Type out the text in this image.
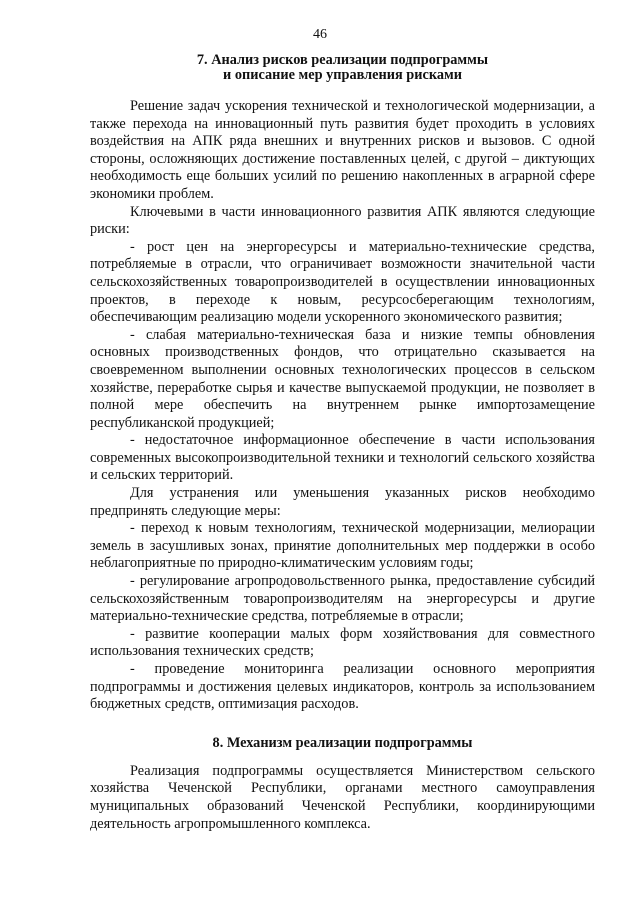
46
7. Анализ рисков реализации подпрограммы
и описание мер управления рисками

Решение задач ускорения технической и технологической модернизации, а также перехода на инновационный путь развития будет проходить в условиях воздействия на АПК ряда внешних и внутренних рисков и вызовов. С одной стороны, осложняющих достижение поставленных целей, с другой – диктующих необходимость еще больших усилий по решению накопленных в аграрной сфере экономики проблем.

Ключевыми в части инновационного развития АПК являются следующие риски:

- рост цен на энергоресурсы и материально-технические средства, потребляемые в отрасли, что ограничивает возможности значительной части сельскохозяйственных товаропроизводителей в осуществлении инновационных проектов, в переходе к новым, ресурсосберегающим технологиям, обеспечивающим реализацию модели ускоренного экономического развития;

- слабая материально-техническая база и низкие темпы обновления основных производственных фондов, что отрицательно сказывается на своевременном выполнении основных технологических процессов в сельском хозяйстве, переработке сырья и качестве выпускаемой продукции, не позволяет в полной мере обеспечить на внутреннем рынке импортозамещение республиканской продукцией;

- недостаточное информационное обеспечение в части использования современных высокопроизводительной техники и технологий сельского хозяйства и сельских территорий.

Для устранения или уменьшения указанных рисков необходимо предпринять следующие меры:

- переход к новым технологиям, технической модернизации, мелиорации земель в засушливых зонах, принятие дополнительных мер поддержки в особо неблагоприятные по природно-климатическим условиям годы;

- регулирование агропродовольственного рынка, предоставление субсидий сельскохозяйственным товаропроизводителям на энергоресурсы и другие материально-технические средства, потребляемые в отрасли;

- развитие кооперации малых форм хозяйствования для совместного использования технических средств;

- проведение мониторинга реализации основного мероприятия подпрограммы и достижения целевых индикаторов, контроль за использованием бюджетных средств, оптимизация расходов.

8. Механизм реализации подпрограммы

Реализация подпрограммы осуществляется Министерством сельского хозяйства Чеченской Республики, органами местного самоуправления муниципальных образований Чеченской Республики, координирующими деятельность агропромышленного комплекса.
